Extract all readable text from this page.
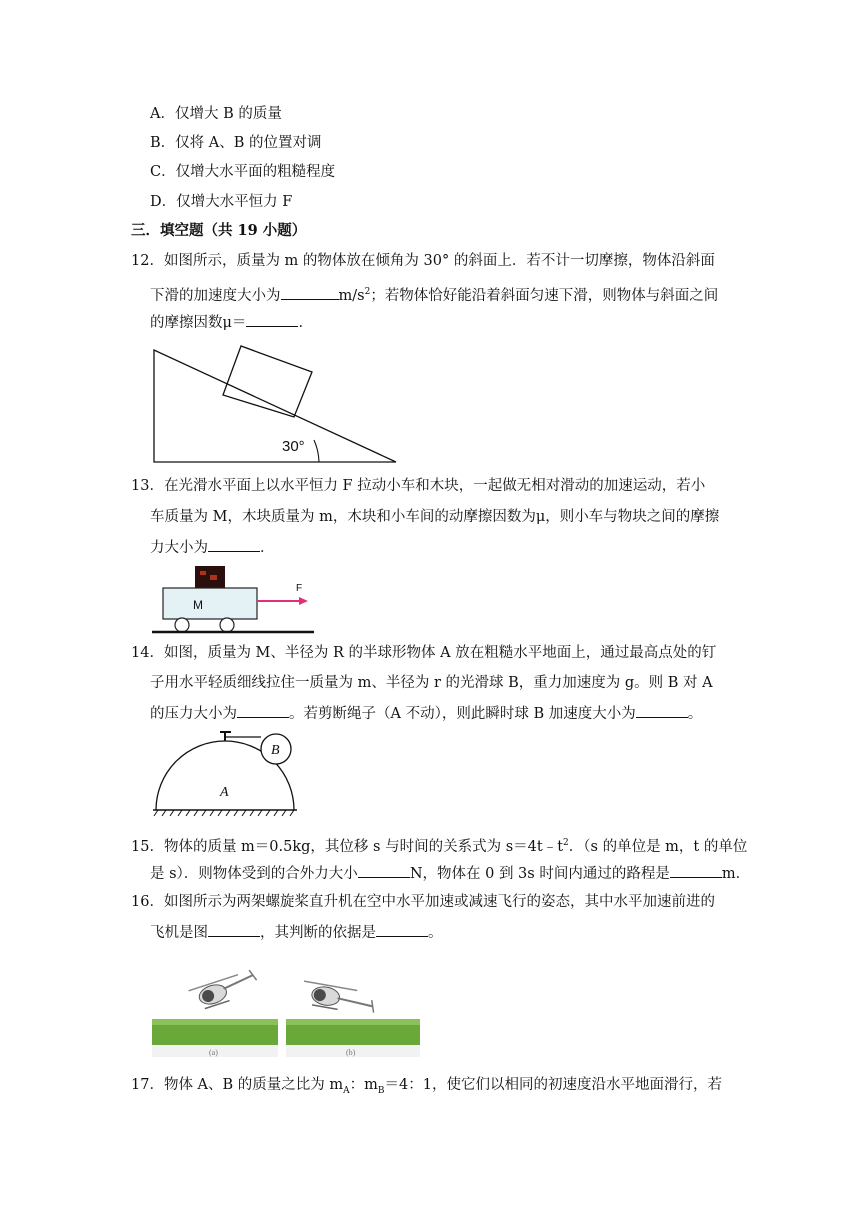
A．仅增大 B 的质量
B．仅将 A、B 的位置对调
C．仅增大水平面的粗糙程度
D．仅增大水平恒力 F
三．填空题（共 19 小题）
12．如图所示，质量为 m 的物体放在倾角为 30° 的斜面上．若不计一切摩擦，物体沿斜面
下滑的加速度大小为	$m/s^2$；若物体恰好能沿着斜面匀速下滑，则物体与斜面之间
的摩擦因数μ＝	．
30°
13．在光滑水平面上以水平恒力 F 拉动小车和木块，一起做无相对滑动的加速运动，若小
车质量为 M，木块质量为 m，木块和小车间的动摩擦因数为μ，则小车与物块之间的摩擦
力大小为	．
M
F
14．如图，质量为 M、半径为 R 的半球形物体 A 放在粗糙水平地面上，通过最高点处的钉
子用水平轻质细线拉住一质量为 m、半径为 r 的光滑球 B，重力加速度为 g。则 B 对 A
的压力大小为	。若剪断绳子（A 不动），则此瞬时球 B 加速度大小为	。
B
A
15．物体的质量 m＝0.5kg，其位移 s 与时间的关系式为 $s=4t﹣t^2$．（s 的单位是 m，t 的单位
是 s）．则物体受到的合外力大小	N，物体在 0 到 3s 时间内通过的路程是	m．
16．如图所示为两架螺旋桨直升机在空中水平加速或减速飞行的姿态，其中水平加速前进的
飞机是图	，其判断的依据是	。
(a)	(b)
17．物体 A、B 的质量之比为 $m_A$：$m_B=4$：1，使它们以相同的初速度沿水平地面滑行，若
